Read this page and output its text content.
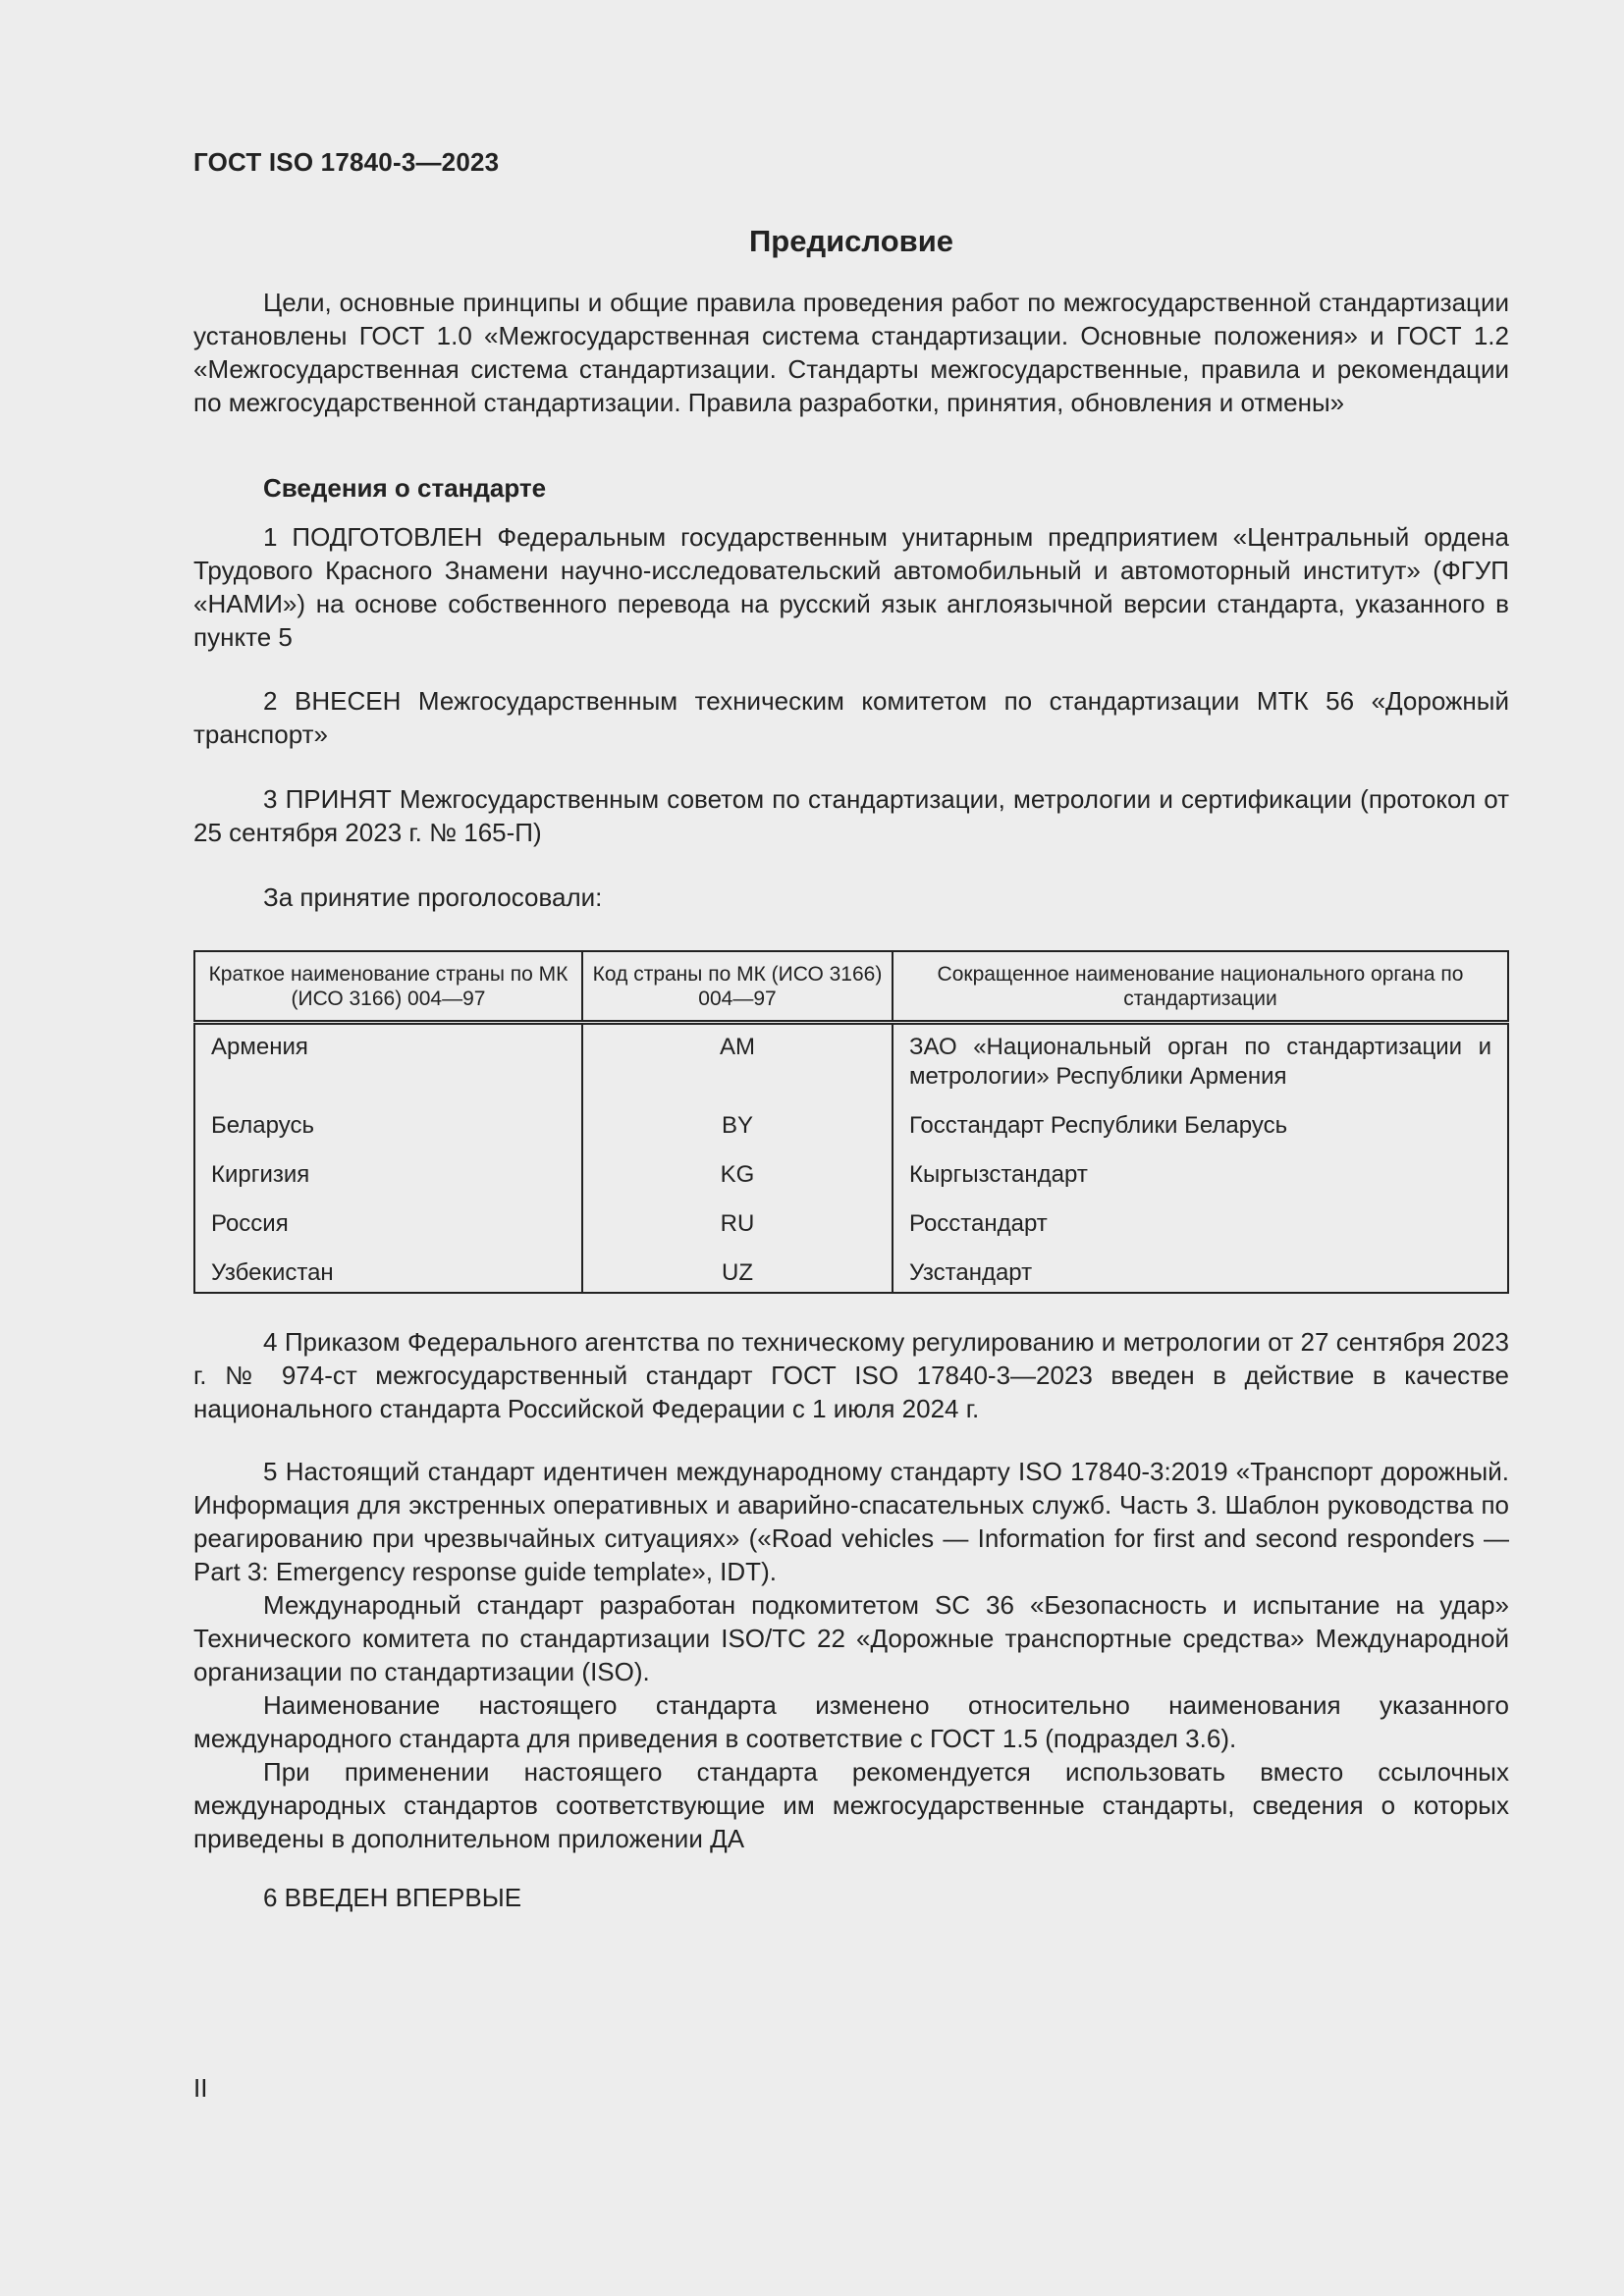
ГОСТ ISO 17840-3—2023
Предисловие

Цели, основные принципы и общие правила проведения работ по межгосударственной стандартизации установлены ГОСТ 1.0 «Межгосударственная система стандартизации. Основные положения» и ГОСТ 1.2 «Межгосударственная система стандартизации. Стандарты межгосударственные, правила и рекомендации по межгосударственной стандартизации. Правила разработки, принятия, обновления и отмены»

Сведения о стандарте

1 ПОДГОТОВЛЕН Федеральным государственным унитарным предприятием «Центральный ордена Трудового Красного Знамени научно-исследовательский автомобильный и автомоторный институт» (ФГУП «НАМИ») на основе собственного перевода на русский язык англоязычной версии стандарта, указанного в пункте 5

2 ВНЕСЕН Межгосударственным техническим комитетом по стандартизации МТК 56 «Дорожный транспорт»

3 ПРИНЯТ Межгосударственным советом по стандартизации, метрологии и сертификации (протокол от 25 сентября 2023 г. № 165-П)

За принятие проголосовали:

Краткое наименование страны по МК (ИСО 3166) 004—97	Код страны по МК (ИСО 3166) 004—97	Сокращенное наименование национального органа по стандартизации
Армения	AM	ЗАО «Национальный орган по стандартизации и метрологии» Республики Армения
Беларусь	BY	Госстандарт Республики Беларусь
Киргизия	KG	Кыргызстандарт
Россия	RU	Росстандарт
Узбекистан	UZ	Узстандарт

4 Приказом Федерального агентства по техническому регулированию и метрологии от 27 сентября 2023 г. № 974-ст межгосударственный стандарт ГОСТ ISO 17840-3—2023 введен в действие в качестве национального стандарта Российской Федерации с 1 июля 2024 г.

5 Настоящий стандарт идентичен международному стандарту ISO 17840-3:2019 «Транспорт дорожный. Информация для экстренных оперативных и аварийно-спасательных служб. Часть 3. Шаблон руководства по реагированию при чрезвычайных ситуациях» («Road vehicles — Information for first and second responders — Part 3: Emergency response guide template», IDT).

Международный стандарт разработан подкомитетом SC 36 «Безопасность и испытание на удар» Технического комитета по стандартизации ISO/TC 22 «Дорожные транспортные средства» Международной организации по стандартизации (ISO).

Наименование настоящего стандарта изменено относительно наименования указанного международного стандарта для приведения в соответствие с ГОСТ 1.5 (подраздел 3.6).

При применении настоящего стандарта рекомендуется использовать вместо ссылочных международных стандартов соответствующие им межгосударственные стандарты, сведения о которых приведены в дополнительном приложении ДА

6 ВВЕДЕН ВПЕРВЫЕ

II
